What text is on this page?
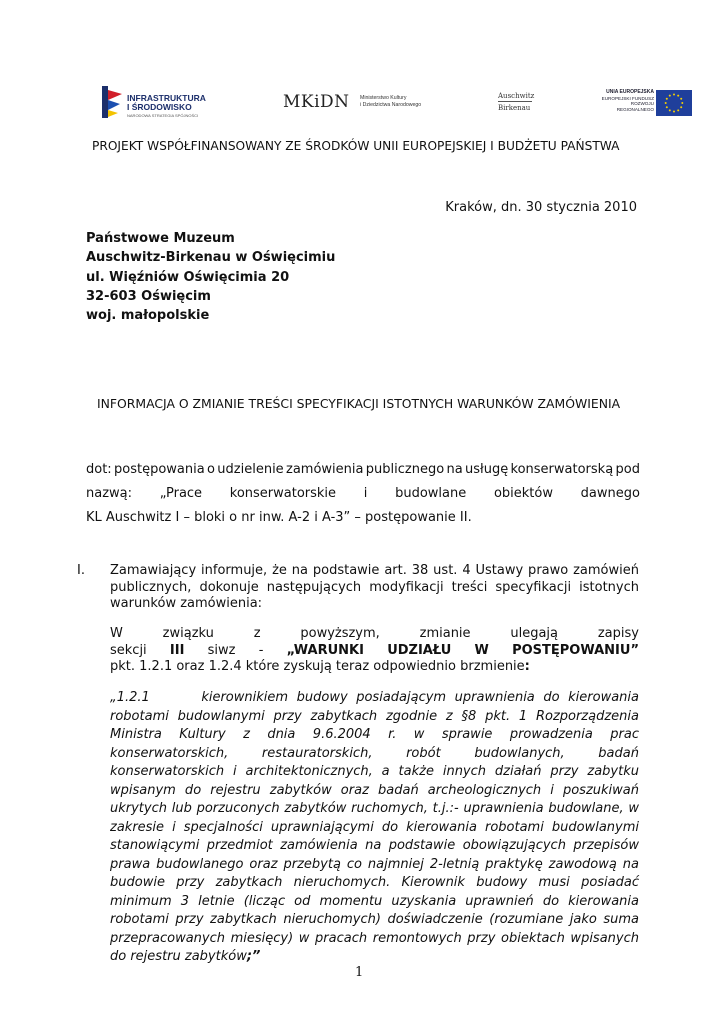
INFRASTRUKTURA
I ŚRODOWISKO
NARODOWA STRATEGIA SPÓJNOŚCI
MKiDN Ministerstwo Kultury
i Dziedzictwa Narodowego
Auschwitz
Birkenau
UNIA EUROPEJSKA
EUROPEJSKI FUNDUSZ
ROZWOJU REGIONALNEGO
PROJEKT WSPÓŁFINANSOWANY ZE ŚRODKÓW UNII EUROPEJSKIEJ I BUDŻETU PAŃSTWA
Kraków, dn. 30 stycznia 2010
Państwowe Muzeum
Auschwitz-Birkenau w Oświęcimiu
ul. Więźniów Oświęcimia 20
32-603 Oświęcim
woj. małopolskie
INFORMACJA O ZMIANIE TREŚCI SPECYFIKACJI ISTOTNYCH WARUNKÓW ZAMÓWIENIA
dot: postępowania o udzielenie zamówienia publicznego na usługę konserwatorską pod
nazwą: „Prace konserwatorskie i budowlane obiektów dawnego
KL Auschwitz I – bloki o nr inw. A-2 i A-3” – postępowanie II.
I. Zamawiający informuje, że na podstawie art. 38 ust. 4 Ustawy prawo zamówień publicznych, dokonuje następujących modyfikacji treści specyfikacji istotnych warunków zamówienia:
W	związku	z	powyższym,	zmianie	ulegają	zapisy
sekcji III siwz - „WARUNKI UDZIAŁU W POSTĘPOWANIU”
pkt. 1.2.1 oraz 1.2.4 które zyskują teraz odpowiednio brzmienie:
„1.2.1      kierownikiem budowy posiadającym uprawnienia do kierowania robotami budowlanymi przy zabytkach zgodnie z §8 pkt. 1 Rozporządzenia Ministra Kultury z dnia 9.6.2004 r. w sprawie prowadzenia prac konserwatorskich, restauratorskich, robót budowlanych, badań konserwatorskich i architektonicznych, a także innych działań przy zabytku wpisanym do rejestru zabytków oraz badań archeologicznych i poszukiwań ukrytych lub porzuconych zabytków ruchomych, t.j.:- uprawnienia budowlane, w zakresie i specjalności uprawniającymi do kierowania robotami budowlanymi stanowiącymi przedmiot zamówienia na podstawie obowiązujących przepisów prawa budowlanego oraz przebytą co najmniej 2-letnią praktykę zawodową na budowie przy zabytkach nieruchomych. Kierownik budowy musi posiadać minimum 3 letnie (licząc od momentu uzyskania uprawnień do kierowania robotami przy zabytkach nieruchomych) doświadczenie (rozumiane jako suma przepracowanych miesięcy) w pracach remontowych przy obiektach wpisanych do rejestru zabytków;”
1
